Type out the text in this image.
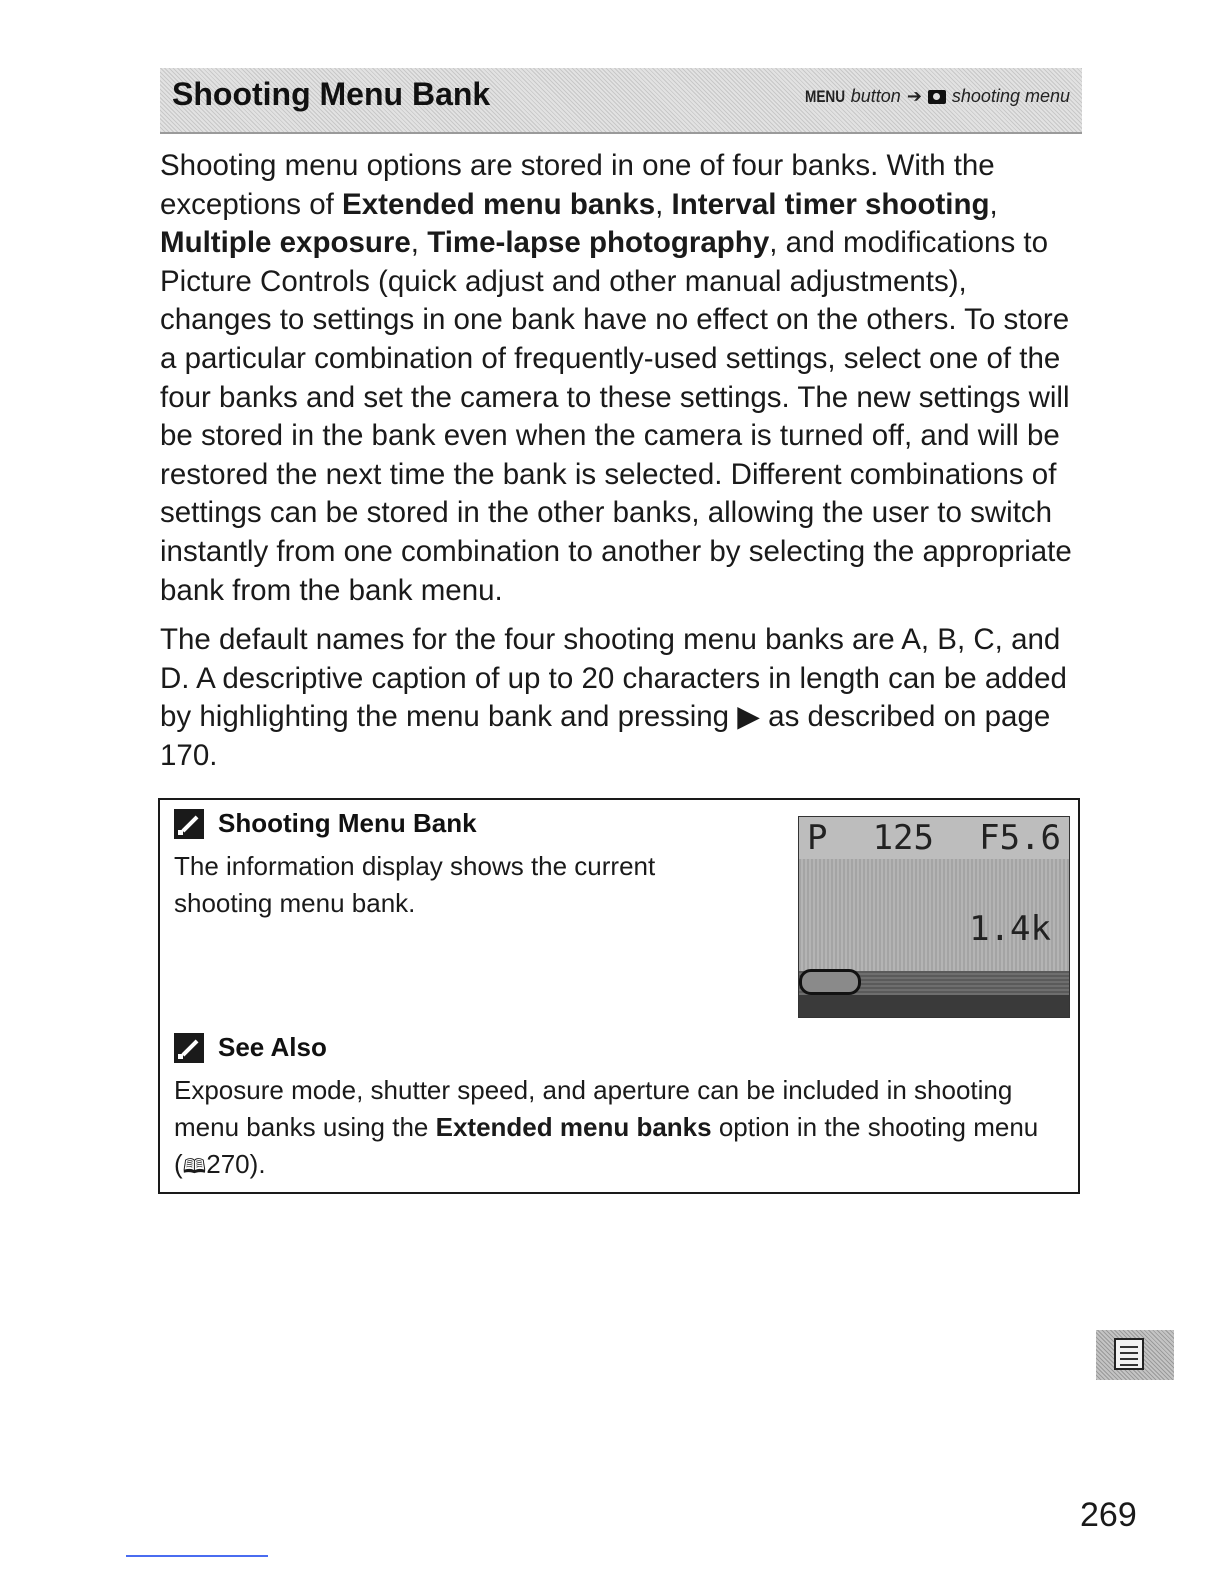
Shooting Menu Bank	MENU button ➔ shooting menu
Shooting menu options are stored in one of four banks. With the exceptions of Extended menu banks, Interval timer shooting, Multiple exposure, Time-lapse photography, and modifications to Picture Controls (quick adjust and other manual adjustments), changes to settings in one bank have no effect on the others. To store a particular combination of frequently-used settings, select one of the four banks and set the camera to these settings. The new settings will be stored in the bank even when the camera is turned off, and will be restored the next time the bank is selected. Different combinations of settings can be stored in the other banks, allowing the user to switch instantly from one combination to another by selecting the appropriate bank from the bank menu.
The default names for the four shooting menu banks are A, B, C, and D. A descriptive caption of up to 20 characters in length can be added by highlighting the menu bank and pressing ▶ as described on page 170.
Shooting Menu Bank
The information display shows the current shooting menu bank.
P 125 F5.6
1.4k
See Also
Exposure mode, shutter speed, and aperture can be included in shooting menu banks using the Extended menu banks option in the shooting menu (🕮270).
269
